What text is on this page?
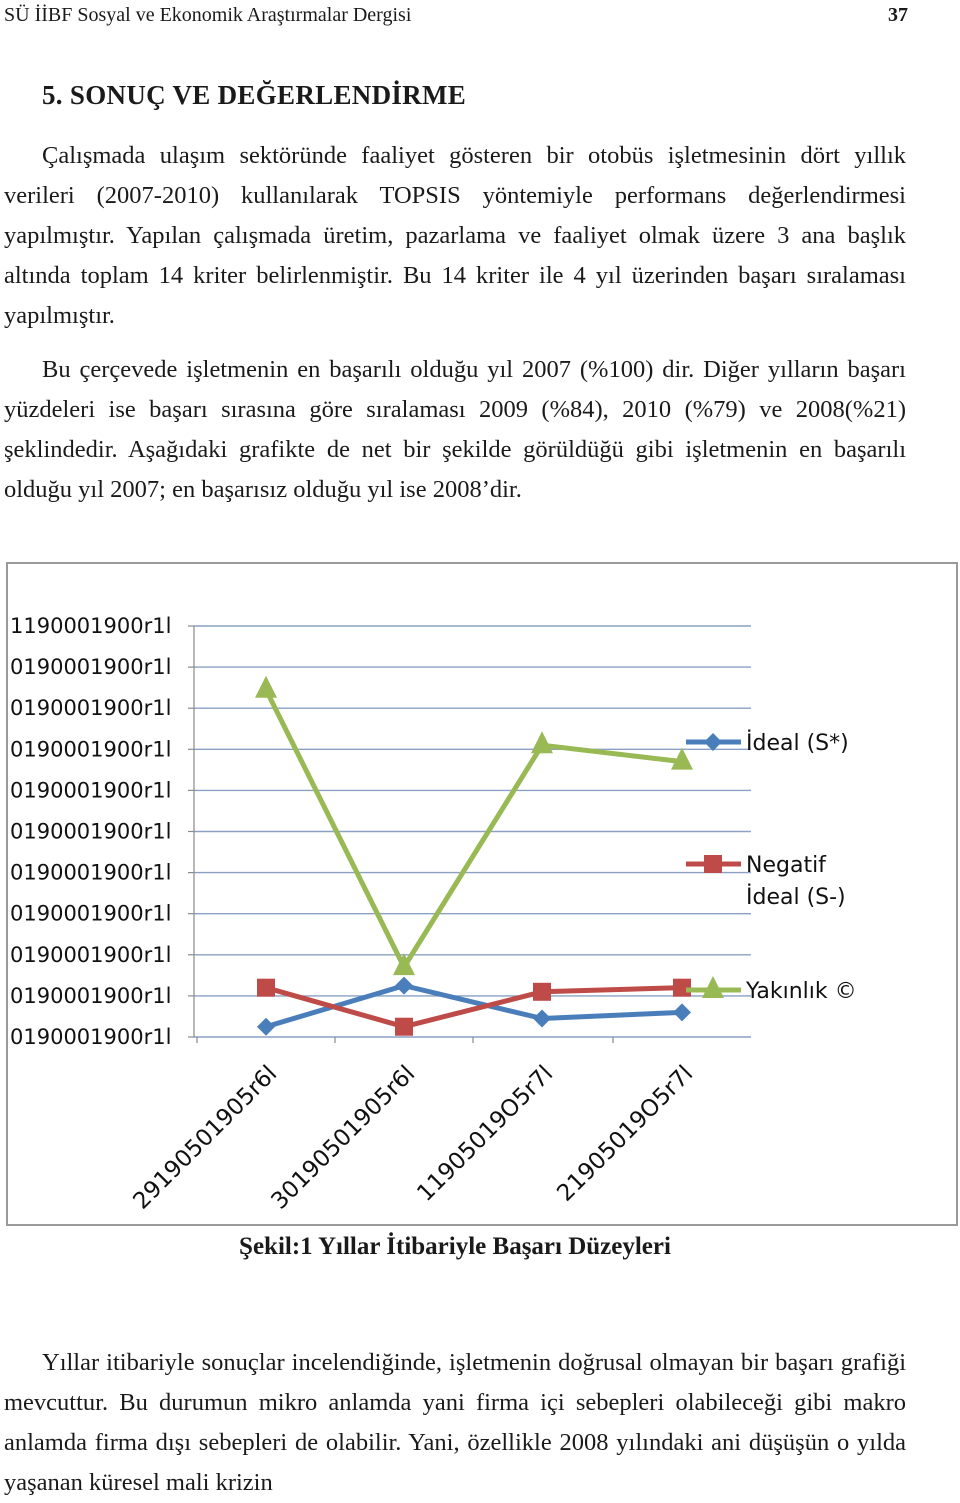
SÜ İİBF Sosyal ve Ekonomik Araştırmalar Dergisi	37
5. SONUÇ VE DEĞERLENDİRME

Çalışmada ulaşım sektöründe faaliyet gösteren bir otobüs işletmesinin dört yıllık verileri (2007-2010) kullanılarak TOPSIS yöntemiyle performans değerlendirmesi yapılmıştır. Yapılan çalışmada üretim, pazarlama ve faaliyet olmak üzere 3 ana başlık altında toplam 14 kriter belirlenmiştir. Bu 14 kriter ile 4 yıl üzerinden başarı sıralaması yapılmıştır.

Bu çerçevede işletmenin en başarılı olduğu yıl 2007 (%100) dir. Diğer yılların başarı yüzdeleri ise başarı sırasına göre sıralaması 2009 (%84), 2010 (%79) ve 2008(%21) şeklindedir. Aşağıdaki grafikte de net bir şekilde görüldüğü gibi işletmenin en başarılı olduğu yıl 2007; en başarısız olduğu yıl ise 2008’dir.

1190001900r1l
0190001900r1l
0190001900r1l
0190001900r1l
0190001900r1l
0190001900r1l
0190001900r1l
0190001900r1l
0190001900r1l
0190001900r1l
0190001900r1l
29190501905r6l
30190501905r6l
11905019O5r7l
21905019O5r7l
İdeal (S*)
Negatif
İdeal (S-)
Yakınlık ©
Şekil:1 Yıllar İtibariyle Başarı Düzeyleri

Yıllar itibariyle sonuçlar incelendiğinde, işletmenin doğrusal olmayan bir başarı grafiği mevcuttur. Bu durumun mikro anlamda yani firma içi sebepleri olabileceği gibi makro anlamda firma dışı sebepleri de olabilir. Yani, özellikle 2008 yılındaki ani düşüşün o yılda yaşanan küresel mali krizin
